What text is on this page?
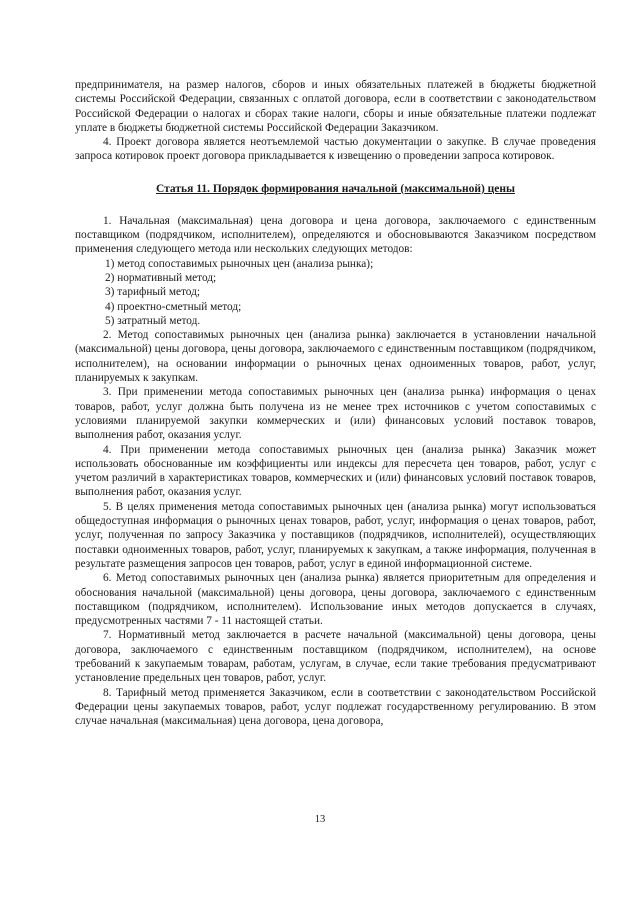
предпринимателя, на размер налогов, сборов и иных обязательных платежей в бюджеты бюджетной системы Российской Федерации, связанных с оплатой договора, если в соответствии с законодательством Российской Федерации о налогах и сборах такие налоги, сборы и иные обязательные платежи подлежат уплате в бюджеты бюджетной системы Российской Федерации Заказчиком.

4. Проект договора является неотъемлемой частью документации о закупке. В случае проведения запроса котировок проект договора прикладывается к извещению о проведении запроса котировок.

Статья 11. Порядок формирования начальной (максимальной) цены

1. Начальная (максимальная) цена договора и цена договора, заключаемого с единственным поставщиком (подрядчиком, исполнителем), определяются и обосновываются Заказчиком посредством применения следующего метода или нескольких следующих методов:

1) метод сопоставимых рыночных цен (анализа рынка);

2) нормативный метод;

3) тарифный метод;

4) проектно-сметный метод;

5) затратный метод.

2. Метод сопоставимых рыночных цен (анализа рынка) заключается в установлении начальной (максимальной) цены договора, цены договора, заключаемого с единственным поставщиком (подрядчиком, исполнителем), на основании информации о рыночных ценах одноименных товаров, работ, услуг, планируемых к закупкам.

3. При применении метода сопоставимых рыночных цен (анализа рынка) информация о ценах товаров, работ, услуг должна быть получена из не менее трех источников с учетом сопоставимых с условиями планируемой закупки коммерческих и (или) финансовых условий поставок товаров, выполнения работ, оказания услуг.

4. При применении метода сопоставимых рыночных цен (анализа рынка) Заказчик может использовать обоснованные им коэффициенты или индексы для пересчета цен товаров, работ, услуг с учетом различий в характеристиках товаров, коммерческих и (или) финансовых условий поставок товаров, выполнения работ, оказания услуг.

5. В целях применения метода сопоставимых рыночных цен (анализа рынка) могут использоваться общедоступная информация о рыночных ценах товаров, работ, услуг, информация о ценах товаров, работ, услуг, полученная по запросу Заказчика у поставщиков (подрядчиков, исполнителей), осуществляющих поставки одноименных товаров, работ, услуг, планируемых к закупкам, а также информация, полученная в результате размещения запросов цен товаров, работ, услуг в единой информационной системе.

6. Метод сопоставимых рыночных цен (анализа рынка) является приоритетным для определения и обоснования начальной (максимальной) цены договора, цены договора, заключаемого с единственным поставщиком (подрядчиком, исполнителем). Использование иных методов допускается в случаях, предусмотренных частями 7 - 11 настоящей статьи.

7. Нормативный метод заключается в расчете начальной (максимальной) цены договора, цены договора, заключаемого с единственным поставщиком (подрядчиком, исполнителем), на основе требований к закупаемым товарам, работам, услугам, в случае, если такие требования предусматривают установление предельных цен товаров, работ, услуг.

8. Тарифный метод применяется Заказчиком, если в соответствии с законодательством Российской Федерации цены закупаемых товаров, работ, услуг подлежат государственному регулированию. В этом случае начальная (максимальная) цена договора, цена договора,

13
